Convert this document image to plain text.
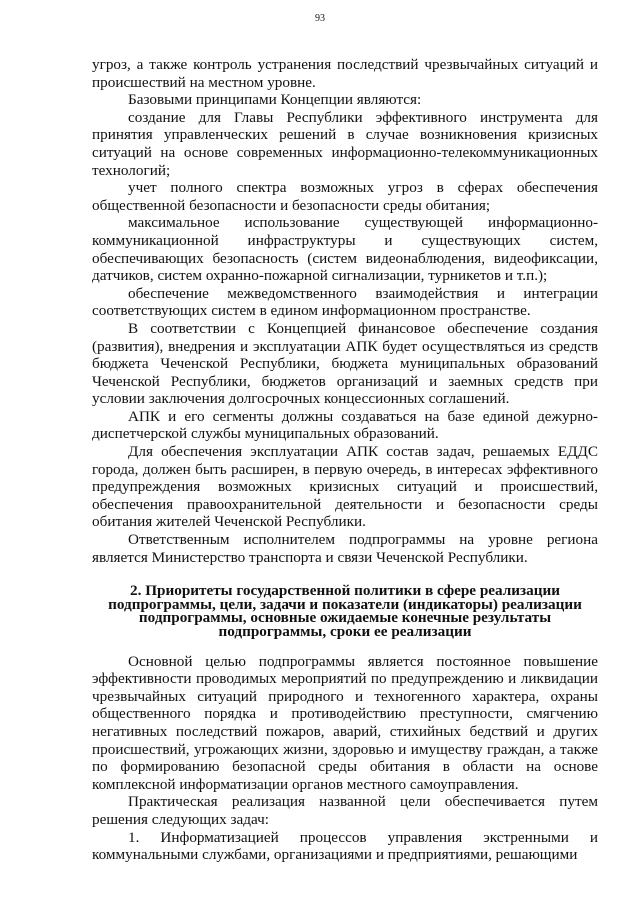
93

угроз, а также контроль устранения последствий чрезвычайных ситуаций и происшествий на местном уровне.

Базовыми принципами Концепции являются:

создание для Главы Республики эффективного инструмента для принятия управленческих решений в случае возникновения кризисных ситуаций на основе современных информационно-телекоммуникационных технологий;

учет полного спектра возможных угроз в сферах обеспечения общественной безопасности и безопасности среды обитания;

максимальное использование существующей информационно-коммуникационной инфраструктуры и существующих систем, обеспечивающих безопасность (систем видеонаблюдения, видеофиксации, датчиков, систем охранно-пожарной сигнализации, турникетов и т.п.);

обеспечение межведомственного взаимодействия и интеграции соответствующих систем в едином информационном пространстве.

В соответствии с Концепцией финансовое обеспечение создания (развития), внедрения и эксплуатации АПК будет осуществляться из средств бюджета Чеченской Республики, бюджета муниципальных образований Чеченской Республики, бюджетов организаций и заемных средств при условии заключения долгосрочных концессионных соглашений.

АПК и его сегменты должны создаваться на базе единой дежурно-диспетчерской службы муниципальных образований.

Для обеспечения эксплуатации АПК состав задач, решаемых ЕДДС города, должен быть расширен, в первую очередь, в интересах эффективного предупреждения возможных кризисных ситуаций и происшествий, обеспечения правоохранительной деятельности и безопасности среды обитания жителей Чеченской Республики.

Ответственным исполнителем подпрограммы на уровне региона является Министерство транспорта и связи Чеченской Республики.

2. Приоритеты государственной политики в сфере реализации
подпрограммы, цели, задачи и показатели (индикаторы) реализации
подпрограммы, основные ожидаемые конечные результаты
подпрограммы, сроки ее реализации

Основной целью подпрограммы является постоянное повышение эффективности проводимых мероприятий по предупреждению и ликвидации чрезвычайных ситуаций природного и техногенного характера, охраны общественного порядка и противодействию преступности, смягчению негативных последствий пожаров, аварий, стихийных бедствий и других происшествий, угрожающих жизни, здоровью и имуществу граждан, а также по формированию безопасной среды обитания в области на основе комплексной информатизации органов местного самоуправления.

Практическая реализация названной цели обеспечивается путем решения следующих задач:

1. Информатизацией процессов управления экстренными и коммунальными службами, организациями и предприятиями, решающими
